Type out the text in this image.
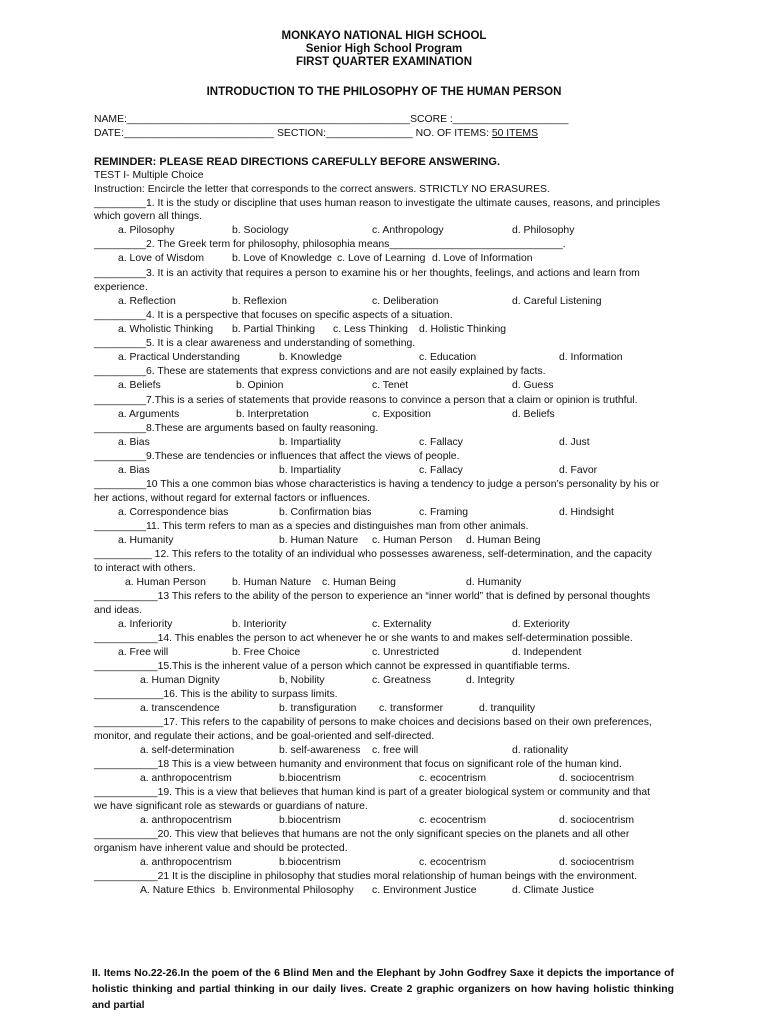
MONKAYO NATIONAL HIGH SCHOOL
Senior High School Program
FIRST QUARTER EXAMINATION
INTRODUCTION TO THE PHILOSOPHY OF THE HUMAN PERSON
NAME:_________________________________________________SCORE :____________________
DATE:__________________________ SECTION:_______________ NO. OF ITEMS: 50 ITEMS
REMINDER: PLEASE READ DIRECTIONS CAREFULLY BEFORE ANSWERING.
TEST I- Multiple Choice
Instruction: Encircle the letter that corresponds to the correct answers. STRICTLY NO ERASURES.
_________1. It is the study or discipline that uses human reason to investigate the ultimate causes, reasons, and principles
which govern all things.
a. Pilosophy	b. Sociology	c. Anthropology	d. Philosophy
_________2. The Greek term for philosophy, philosophia means______________________________.
a. Love of Wisdom	b. Love of Knowledge c. Love of Learning d. Love of Information
_________3. It is an activity that requires a person to examine his or her thoughts, feelings, and actions and learn from
experience.
a. Reflection	b. Reflexion	c. Deliberation	d. Careful Listening
_________4. It is a perspective that focuses on specific aspects of a situation.
a. Wholistic Thinking b. Partial Thinking c. Less Thinking d. Holistic Thinking
_________5. It is a clear awareness and understanding of something.
a. Practical Understanding	b. Knowledge	c. Education	d. Information
_________6. These are statements that express convictions and are not easily explained by facts.
a. Beliefs	b. Opinion	c. Tenet	d. Guess
_________7.This is a series of statements that provide reasons to convince a person that a claim or opinion is truthful.
a. Arguments	b. Interpretation	c. Exposition	d. Beliefs
_________8.These are arguments based on faulty reasoning.
a. Bias	b. Impartiality	c. Fallacy	d. Just
_________9.These are tendencies or influences that affect the views of people.
a. Bias	b. Impartiality	c. Fallacy	d. Favor
_________10 This a one common bias whose characteristics is having a tendency to judge a person’s personality by his or
her actions, without regard for external factors or influences.
a. Correspondence bias	b. Confirmation bias	c. Framing	d. Hindsight
_________11. This term refers to man as a species and distinguishes man from other animals.
a. Humanity	b. Human Nature c. Human Person d. Human Being
__________ 12. This refers to the totality of an individual who possesses awareness, self-determination, and the capacity
to interact with others.
a. Human Person	b. Human Nature c. Human Being	d. Humanity
___________13 This refers to the ability of the person to experience an “inner world” that is defined by personal thoughts
and ideas.
a. Inferiority	b. Interiority	c. Externality	d. Exteriority
___________14. This enables the person to act whenever he or she wants to and makes self-determination possible.
a. Free will	b. Free Choice	c. Unrestricted	d. Independent
___________15.This is the inherent value of a person which cannot be expressed in quantifiable terms.
a. Human Dignity	b, Nobility	c. Greatness	d. Integrity
____________16. This is the ability to surpass limits.
a. transcendence	b. transfiguration c. transformer	d. tranquility
____________17. This refers to the capability of persons to make choices and decisions based on their own preferences,
monitor, and regulate their actions, and be goal-oriented and self-directed.
a. self-determination	b. self-awareness c. free will	d. rationality
___________18 This is a view between humanity and environment that focus on significant role of the human kind.
a. anthropocentrism	b.biocentrism	c. ecocentrism	d. sociocentrism
___________19. This is a view that believes that human kind is part of a greater biological system or community and that
we have significant role as stewards or guardians of nature.
a. anthropocentrism	b.biocentrism	c. ecocentrism	d. sociocentrism
___________20. This view that believes that humans are not the only significant species on the planets and all other
organism have inherent value and should be protected.
a. anthropocentrism	b.biocentrism	c. ecocentrism	d. sociocentrism
___________21 It is the discipline in philosophy that studies moral relationship of human beings with the environment.
A. Nature Ethics b. Environmental Philosophy c. Environment Justice	d. Climate Justice
II. Items No.22-26.In the poem of the 6 Blind Men and the Elephant by John Godfrey Saxe it depicts the importance of holistic thinking and partial thinking in our daily lives. Create 2 graphic organizers on how having holistic thinking and partial
